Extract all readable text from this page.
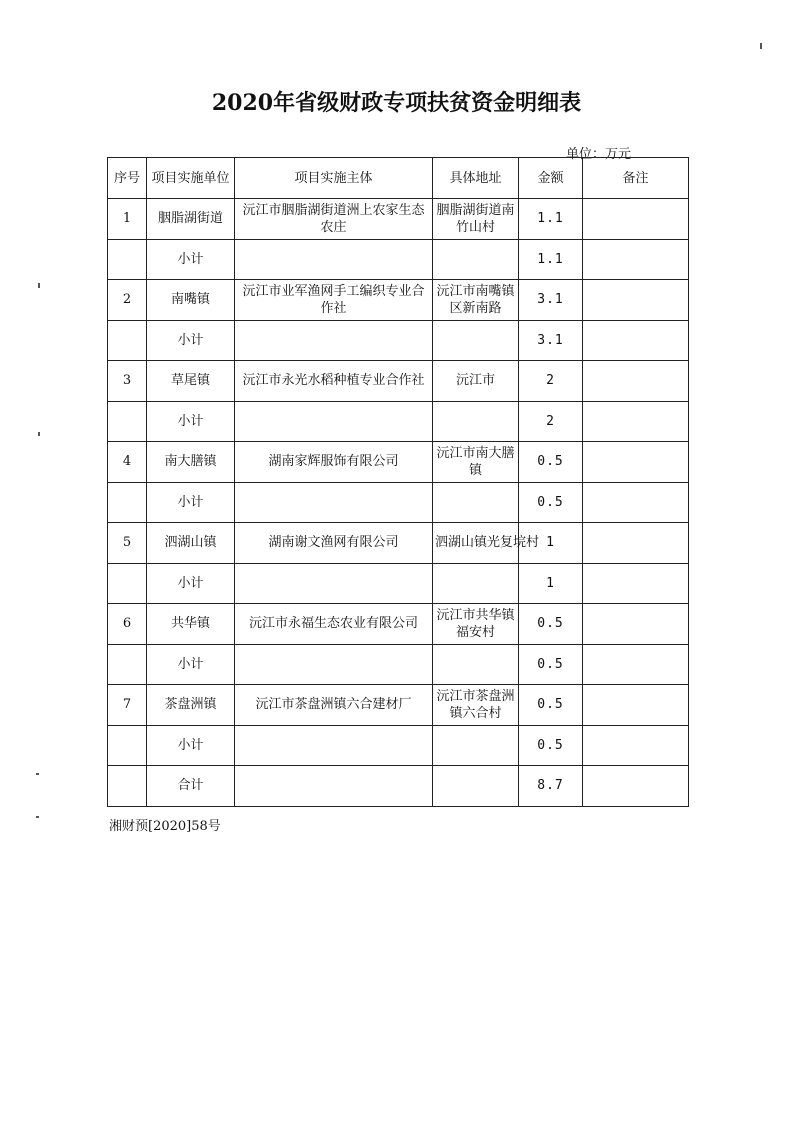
2020年省级财政专项扶贫资金明细表
单位：万元
序号	项目实施单位	项目实施主体	具体地址	金额	备注
1	胭脂湖街道	沅江市胭脂湖街道洲上农家生态农庄	胭脂湖街道南竹山村	1.1	
	小计			1.1	
2	南嘴镇	沅江市业军渔网手工编织专业合作社	沅江市南嘴镇区新南路	3.1	
	小计			3.1	
3	草尾镇	沅江市永光水稻种植专业合作社	沅江市	2	
	小计			2	
4	南大膳镇	湖南家辉服饰有限公司	沅江市南大膳镇	0.5	
	小计			0.5	
5	泗湖山镇	湖南谢文渔网有限公司	泗湖山镇光复垸村	1	
	小计			1	
6	共华镇	沅江市永福生态农业有限公司	沅江市共华镇福安村	0.5	
	小计			0.5	
7	茶盘洲镇	沅江市茶盘洲镇六合建材厂	沅江市茶盘洲镇六合村	0.5	
	小计			0.5	
	合计			8.7	
湘财预[2020]58号
